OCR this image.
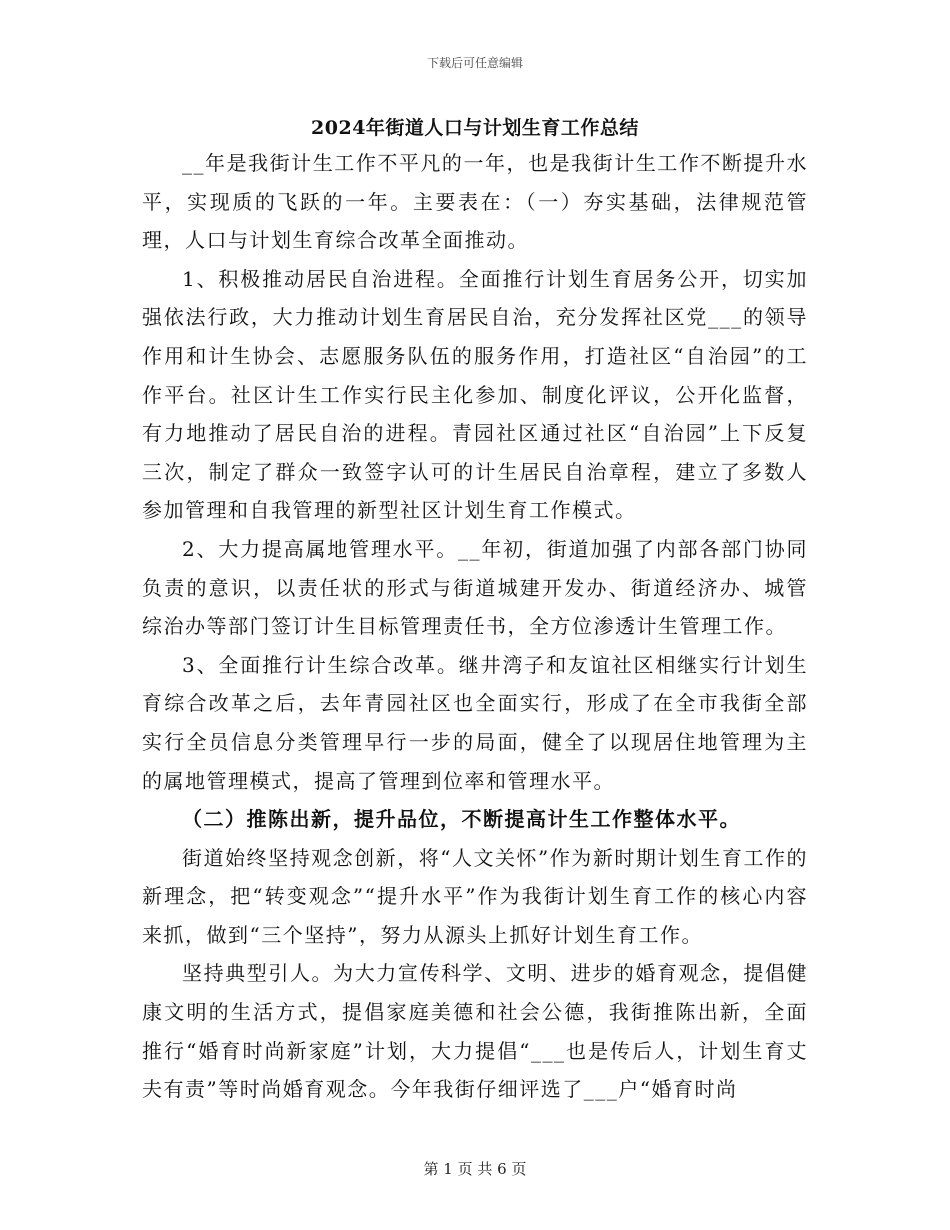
下载后可任意编辑
2024年街道人口与计划生育工作总结

__年是我街计生工作不平凡的一年，也是我街计生工作不断提升水平，实现质的飞跃的一年。主要表在：（一）夯实基础，法律规范管理，人口与计划生育综合改革全面推动。

1、积极推动居民自治进程。全面推行计划生育居务公开，切实加强依法行政，大力推动计划生育居民自治，充分发挥社区党___的领导作用和计生协会、志愿服务队伍的服务作用，打造社区“自治园”的工作平台。社区计生工作实行民主化参加、制度化评议，公开化监督，有力地推动了居民自治的进程。青园社区通过社区“自治园”上下反复三次，制定了群众一致签字认可的计生居民自治章程，建立了多数人参加管理和自我管理的新型社区计划生育工作模式。

2、大力提高属地管理水平。__年初，街道加强了内部各部门协同负责的意识，以责任状的形式与街道城建开发办、街道经济办、城管综治办等部门签订计生目标管理责任书，全方位渗透计生管理工作。

3、全面推行计生综合改革。继井湾子和友谊社区相继实行计划生育综合改革之后，去年青园社区也全面实行，形成了在全市我街全部实行全员信息分类管理早行一步的局面，健全了以现居住地管理为主的属地管理模式，提高了管理到位率和管理水平。

（二）推陈出新，提升品位，不断提高计生工作整体水平。

街道始终坚持观念创新，将“人文关怀”作为新时期计划生育工作的新理念，把“转变观念”“提升水平”作为我街计划生育工作的核心内容来抓，做到“三个坚持”，努力从源头上抓好计划生育工作。

坚持典型引人。为大力宣传科学、文明、进步的婚育观念，提倡健康文明的生活方式，提倡家庭美德和社会公德，我街推陈出新，全面推行“婚育时尚新家庭”计划，大力提倡“___也是传后人，计划生育丈夫有责”等时尚婚育观念。今年我街仔细评选了___户“婚育时尚

第 1 页 共 6 页
